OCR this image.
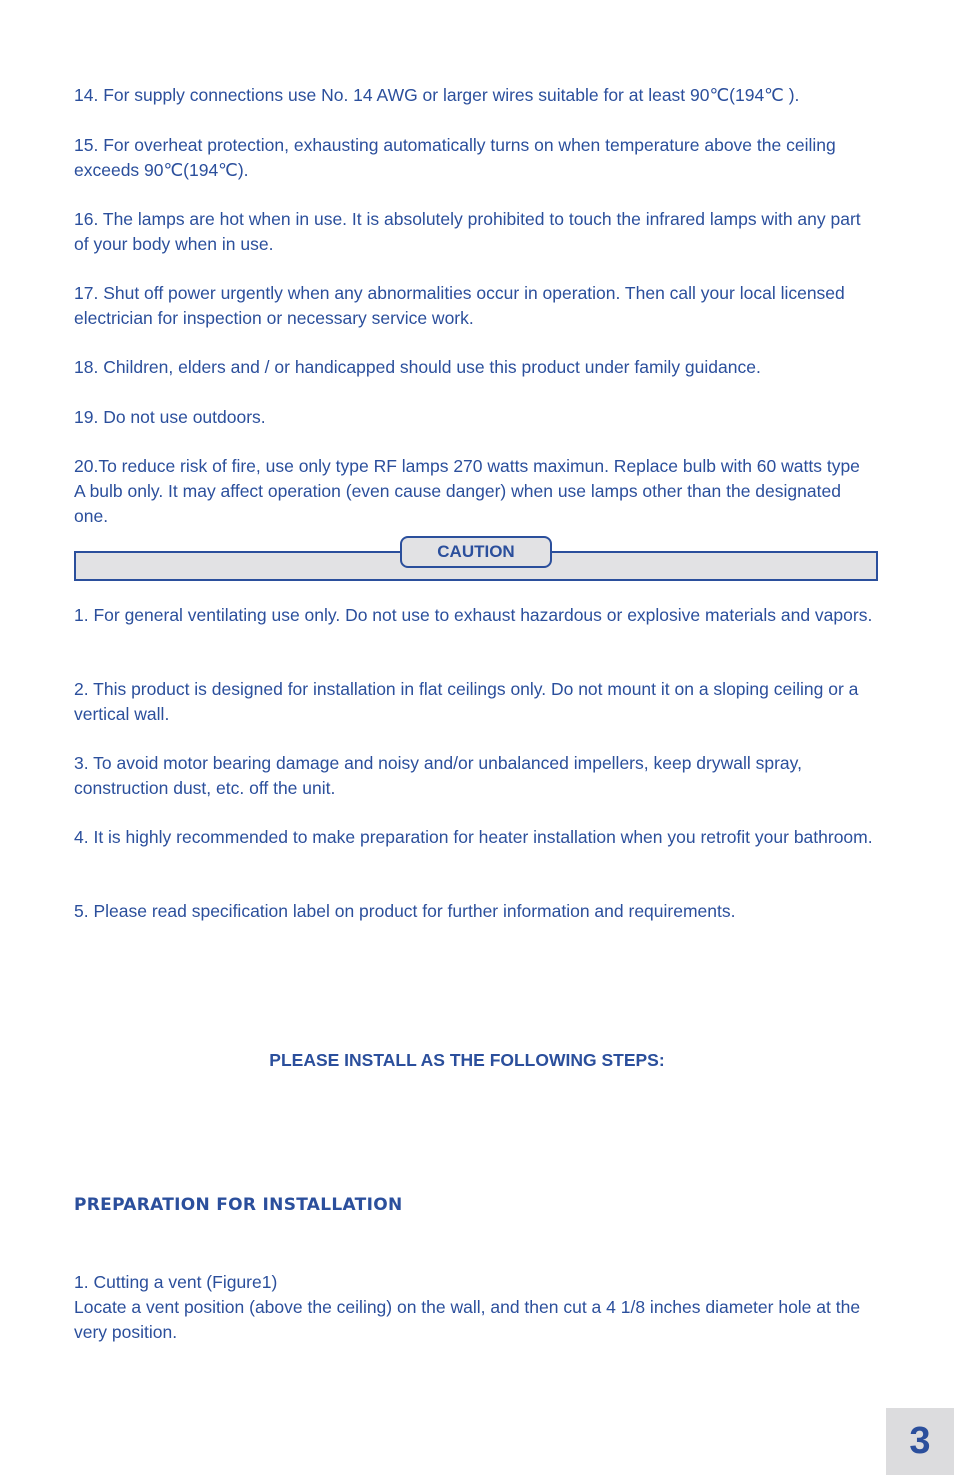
14. For supply connections use No. 14 AWG or larger wires suitable for at least 90℃(194℃ ).

15. For overheat protection, exhausting automatically turns on when temperature above the ceiling exceeds 90℃(194℃).

16. The lamps are hot when in use. It is absolutely prohibited to touch the infrared lamps with any part of your body when in use.

17. Shut off power urgently when any abnormalities occur in operation. Then call your local licensed electrician for inspection or necessary service work.

18. Children, elders and / or handicapped should use this product under family guidance.

19. Do not use outdoors.

20.To reduce risk of fire, use only type RF lamps 270 watts maximun. Replace bulb with 60 watts type A bulb only. It may affect operation (even cause danger) when use lamps other than the designated one.

CAUTION

1. For general ventilating use only. Do not use to exhaust hazardous or explosive materials and vapors.

2. This product is designed for installation in flat ceilings only. Do not mount it on a sloping ceiling or a vertical wall.

3. To avoid motor bearing damage and noisy and/or unbalanced impellers, keep drywall spray, construction dust, etc. off the unit.

4. It is highly recommended to make preparation for heater installation when you retrofit your bathroom.

5. Please read specification label on product for further information and requirements.

PLEASE INSTALL AS THE FOLLOWING STEPS:
PREPARATION FOR INSTALLATION

1. Cutting a vent (Figure1)

Locate a vent position (above the ceiling) on the wall, and then cut a 4 1/8 inches diameter hole at the very position.

3
